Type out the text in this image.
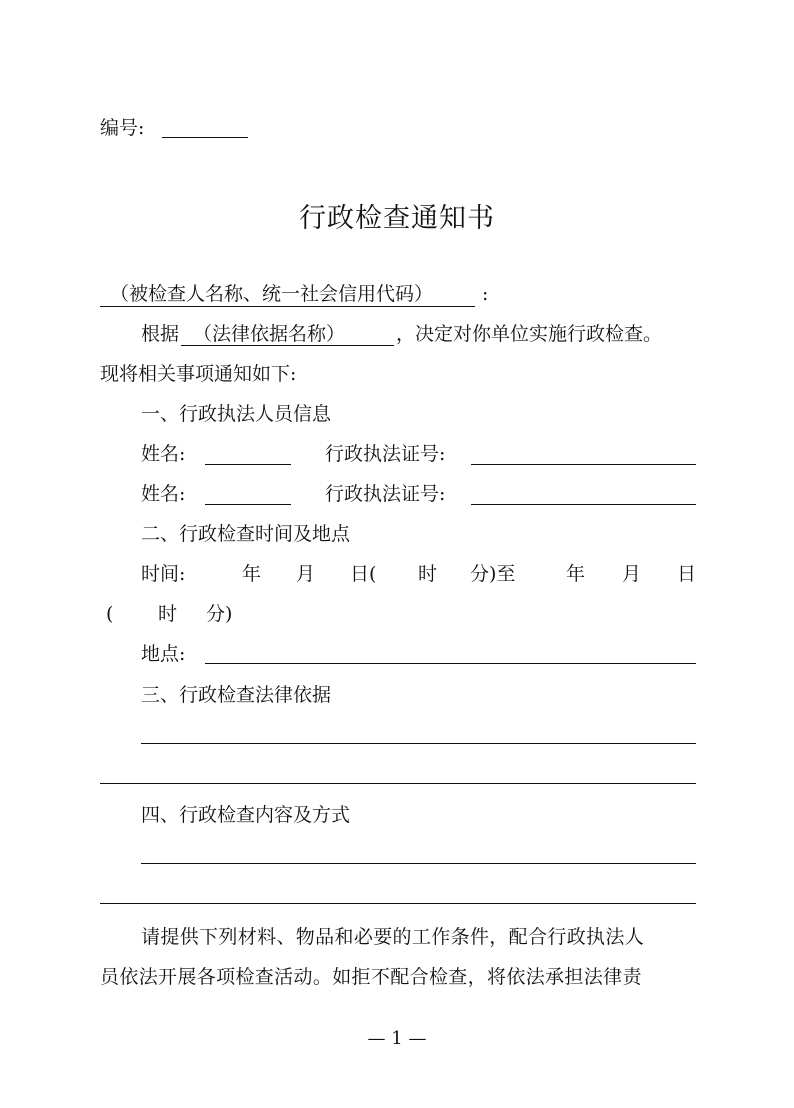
编号:
行政检查通知书
（被检查人名称、统一社会信用代码）	:
根据 （法律依据名称）	，决定对你单位实施行政检查。
现将相关事项通知如下:
一、行政执法人员信息
姓名:	行政执法证号:
姓名:	行政执法证号:
二、行政检查时间及地点
时间:	年 月 日( 时 分)至	年 月 日
( 时 分)
地点:
三、行政检查法律依据
四、行政检查内容及方式
请提供下列材料、物品和必要的工作条件，配合行政执法人
员依法开展各项检查活动。如拒不配合检查，将依法承担法律责
— 1 —
